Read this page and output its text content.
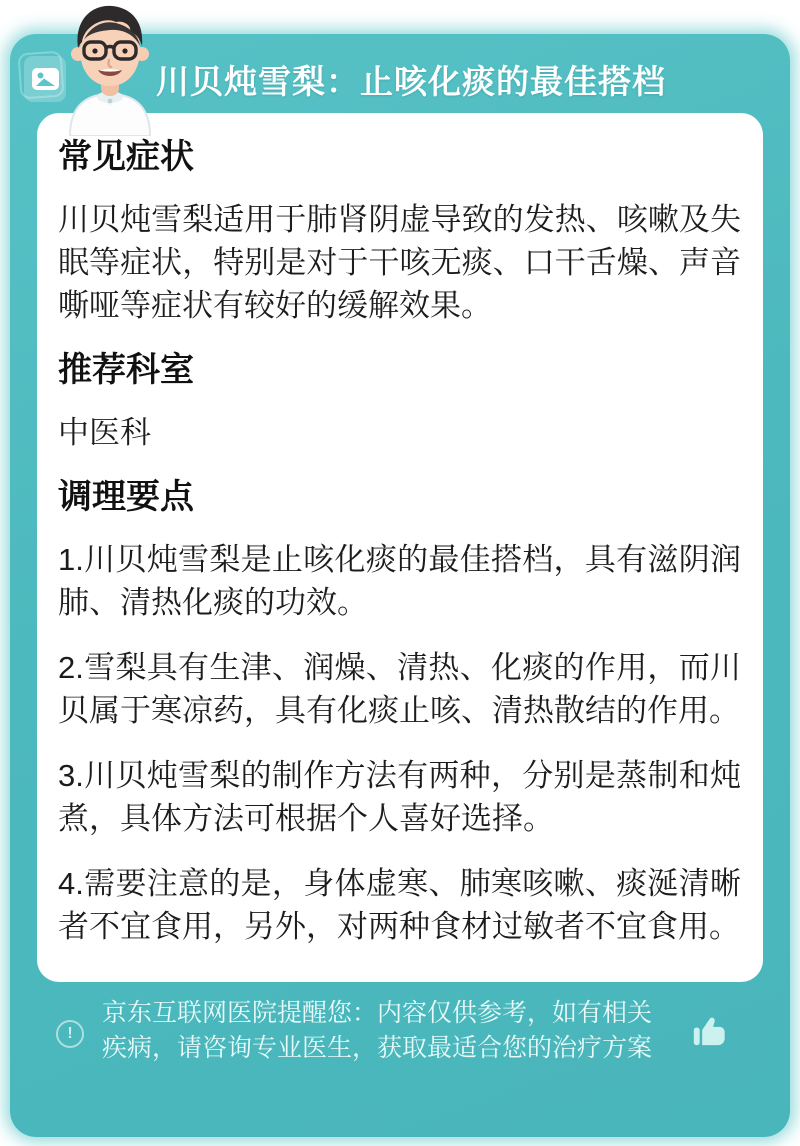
川贝炖雪梨：止咳化痰的最佳搭档
常见症状

川贝炖雪梨适用于肺肾阴虚导致的发热、咳嗽及失眠等症状，特别是对于干咳无痰、口干舌燥、声音嘶哑等症状有较好的缓解效果。

推荐科室

中医科

调理要点

1.川贝炖雪梨是止咳化痰的最佳搭档，具有滋阴润肺、清热化痰的功效。

2.雪梨具有生津、润燥、清热、化痰的作用，而川贝属于寒凉药，具有化痰止咳、清热散结的作用。

3.川贝炖雪梨的制作方法有两种，分别是蒸制和炖煮，具体方法可根据个人喜好选择。

4.需要注意的是，身体虚寒、肺寒咳嗽、痰涎清晰者不宜食用，另外，对两种食材过敏者不宜食用。

!

京东互联网医院提醒您：内容仅供参考，如有相关疾病，请咨询专业医生，获取最适合您的治疗方案
